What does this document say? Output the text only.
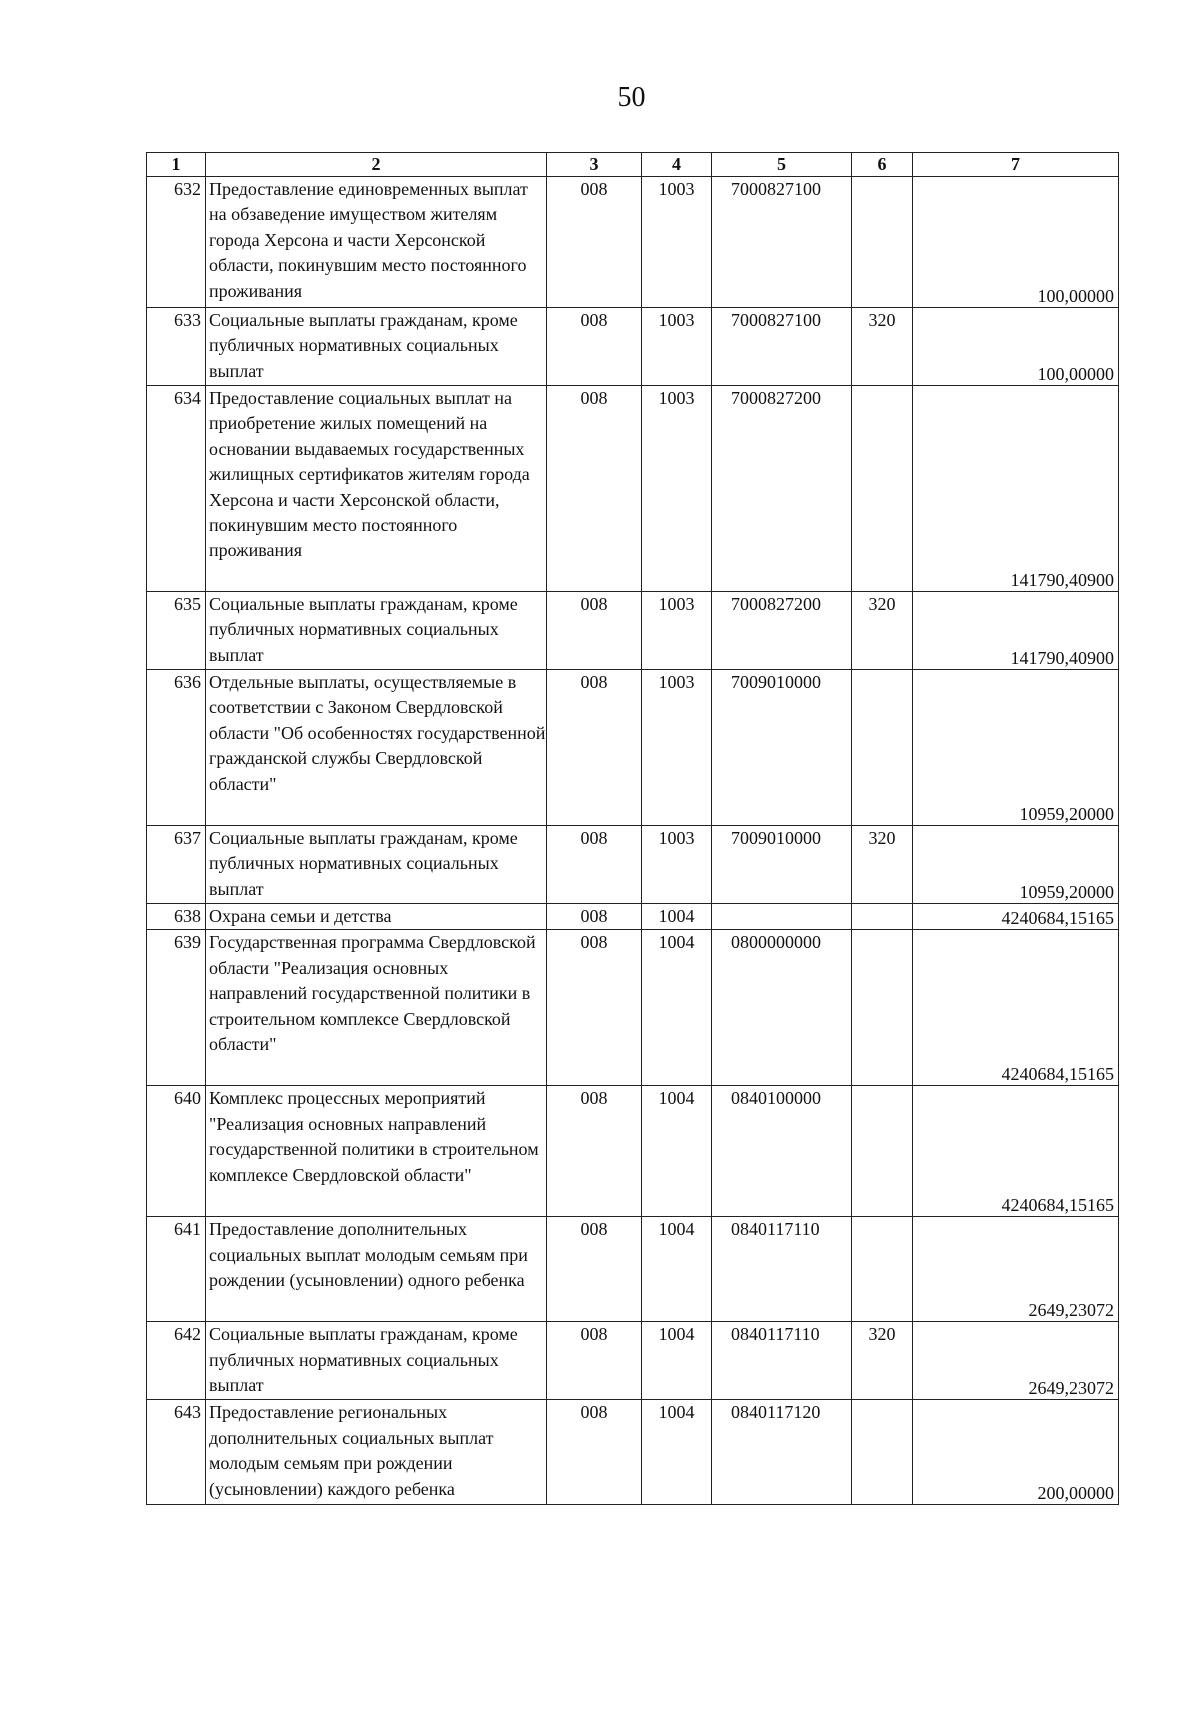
50
1	2	3	4	5	6	7
632	Предоставление единовременных выплат на обзаведение имуществом жителям города Херсона и части Херсонской области, покинувшим место постоянного проживания	008	1003	7000827100		100,00000
633	Социальные выплаты гражданам, кроме публичных нормативных социальных выплат	008	1003	7000827100	320	100,00000
634	Предоставление социальных выплат на приобретение жилых помещений на основании выдаваемых государственных жилищных сертификатов жителям города Херсона и части Херсонской области, покинувшим место постоянного проживания	008	1003	7000827200		141790,40900
635	Социальные выплаты гражданам, кроме публичных нормативных социальных выплат	008	1003	7000827200	320	141790,40900
636	Отдельные выплаты, осуществляемые в соответствии с Законом Свердловской области "Об особенностях государственной гражданской службы Свердловской области"	008	1003	7009010000		10959,20000
637	Социальные выплаты гражданам, кроме публичных нормативных социальных выплат	008	1003	7009010000	320	10959,20000
638	Охрана семьи и детства	008	1004			4240684,15165
639	Государственная программа Свердловской области "Реализация основных направлений государственной политики в строительном комплексе Свердловской области"	008	1004	0800000000		4240684,15165
640	Комплекс процессных мероприятий "Реализация основных направлений государственной политики в строительном комплексе Свердловской области"	008	1004	0840100000		4240684,15165
641	Предоставление дополнительных социальных выплат молодым семьям при рождении (усыновлении) одного ребенка	008	1004	0840117110		2649,23072
642	Социальные выплаты гражданам, кроме публичных нормативных социальных выплат	008	1004	0840117110	320	2649,23072
643	Предоставление региональных дополнительных социальных выплат молодым семьям при рождении (усыновлении) каждого ребенка	008	1004	0840117120		200,00000
